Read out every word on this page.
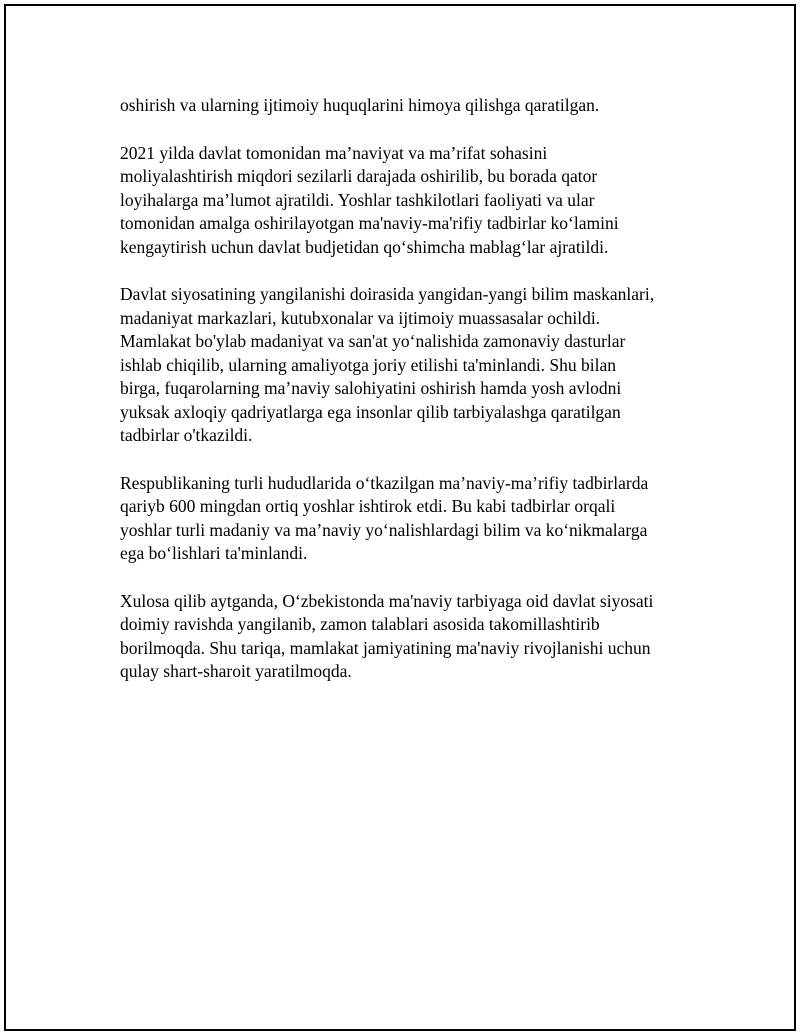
oshirish va ularning ijtimoiy huquqlarini himoya qilishga qaratilgan.
2021 yilda davlat tomonidan ma’naviyat va ma’rifat sohasini
moliyalashtirish miqdori sezilarli darajada oshirilib, bu borada qator
loyihalarga ma’lumot ajratildi. Yoshlar tashkilotlari faoliyati va ular
tomonidan amalga oshirilayotgan ma'naviy-ma'rifiy tadbirlar ko‘lamini
kengaytirish uchun davlat budjetidan qo‘shimcha mablag‘lar ajratildi.
Davlat siyosatining yangilanishi doirasida yangidan-yangi bilim maskanlari,
madaniyat markazlari, kutubxonalar va ijtimoiy muassasalar ochildi.
Mamlakat bo'ylab madaniyat va san'at yo‘nalishida zamonaviy dasturlar
ishlab chiqilib, ularning amaliyotga joriy etilishi ta'minlandi. Shu bilan
birga, fuqarolarning ma’naviy salohiyatini oshirish hamda yosh avlodni
yuksak axloqiy qadriyatlarga ega insonlar qilib tarbiyalashga qaratilgan
tadbirlar o'tkazildi.
Respublikaning turli hududlarida o‘tkazilgan ma’naviy-ma’rifiy tadbirlarda
qariyb 600 mingdan ortiq yoshlar ishtirok etdi. Bu kabi tadbirlar orqali
yoshlar turli madaniy va ma’naviy yo‘nalishlardagi bilim va ko‘nikmalarga
ega bo‘lishlari ta'minlandi.
Xulosa qilib aytganda, O‘zbekistonda ma'naviy tarbiyaga oid davlat siyosati
doimiy ravishda yangilanib, zamon talablari asosida takomillashtirib
borilmoqda. Shu tariqa, mamlakat jamiyatining ma'naviy rivojlanishi uchun
qulay shart-sharoit yaratilmoqda.
